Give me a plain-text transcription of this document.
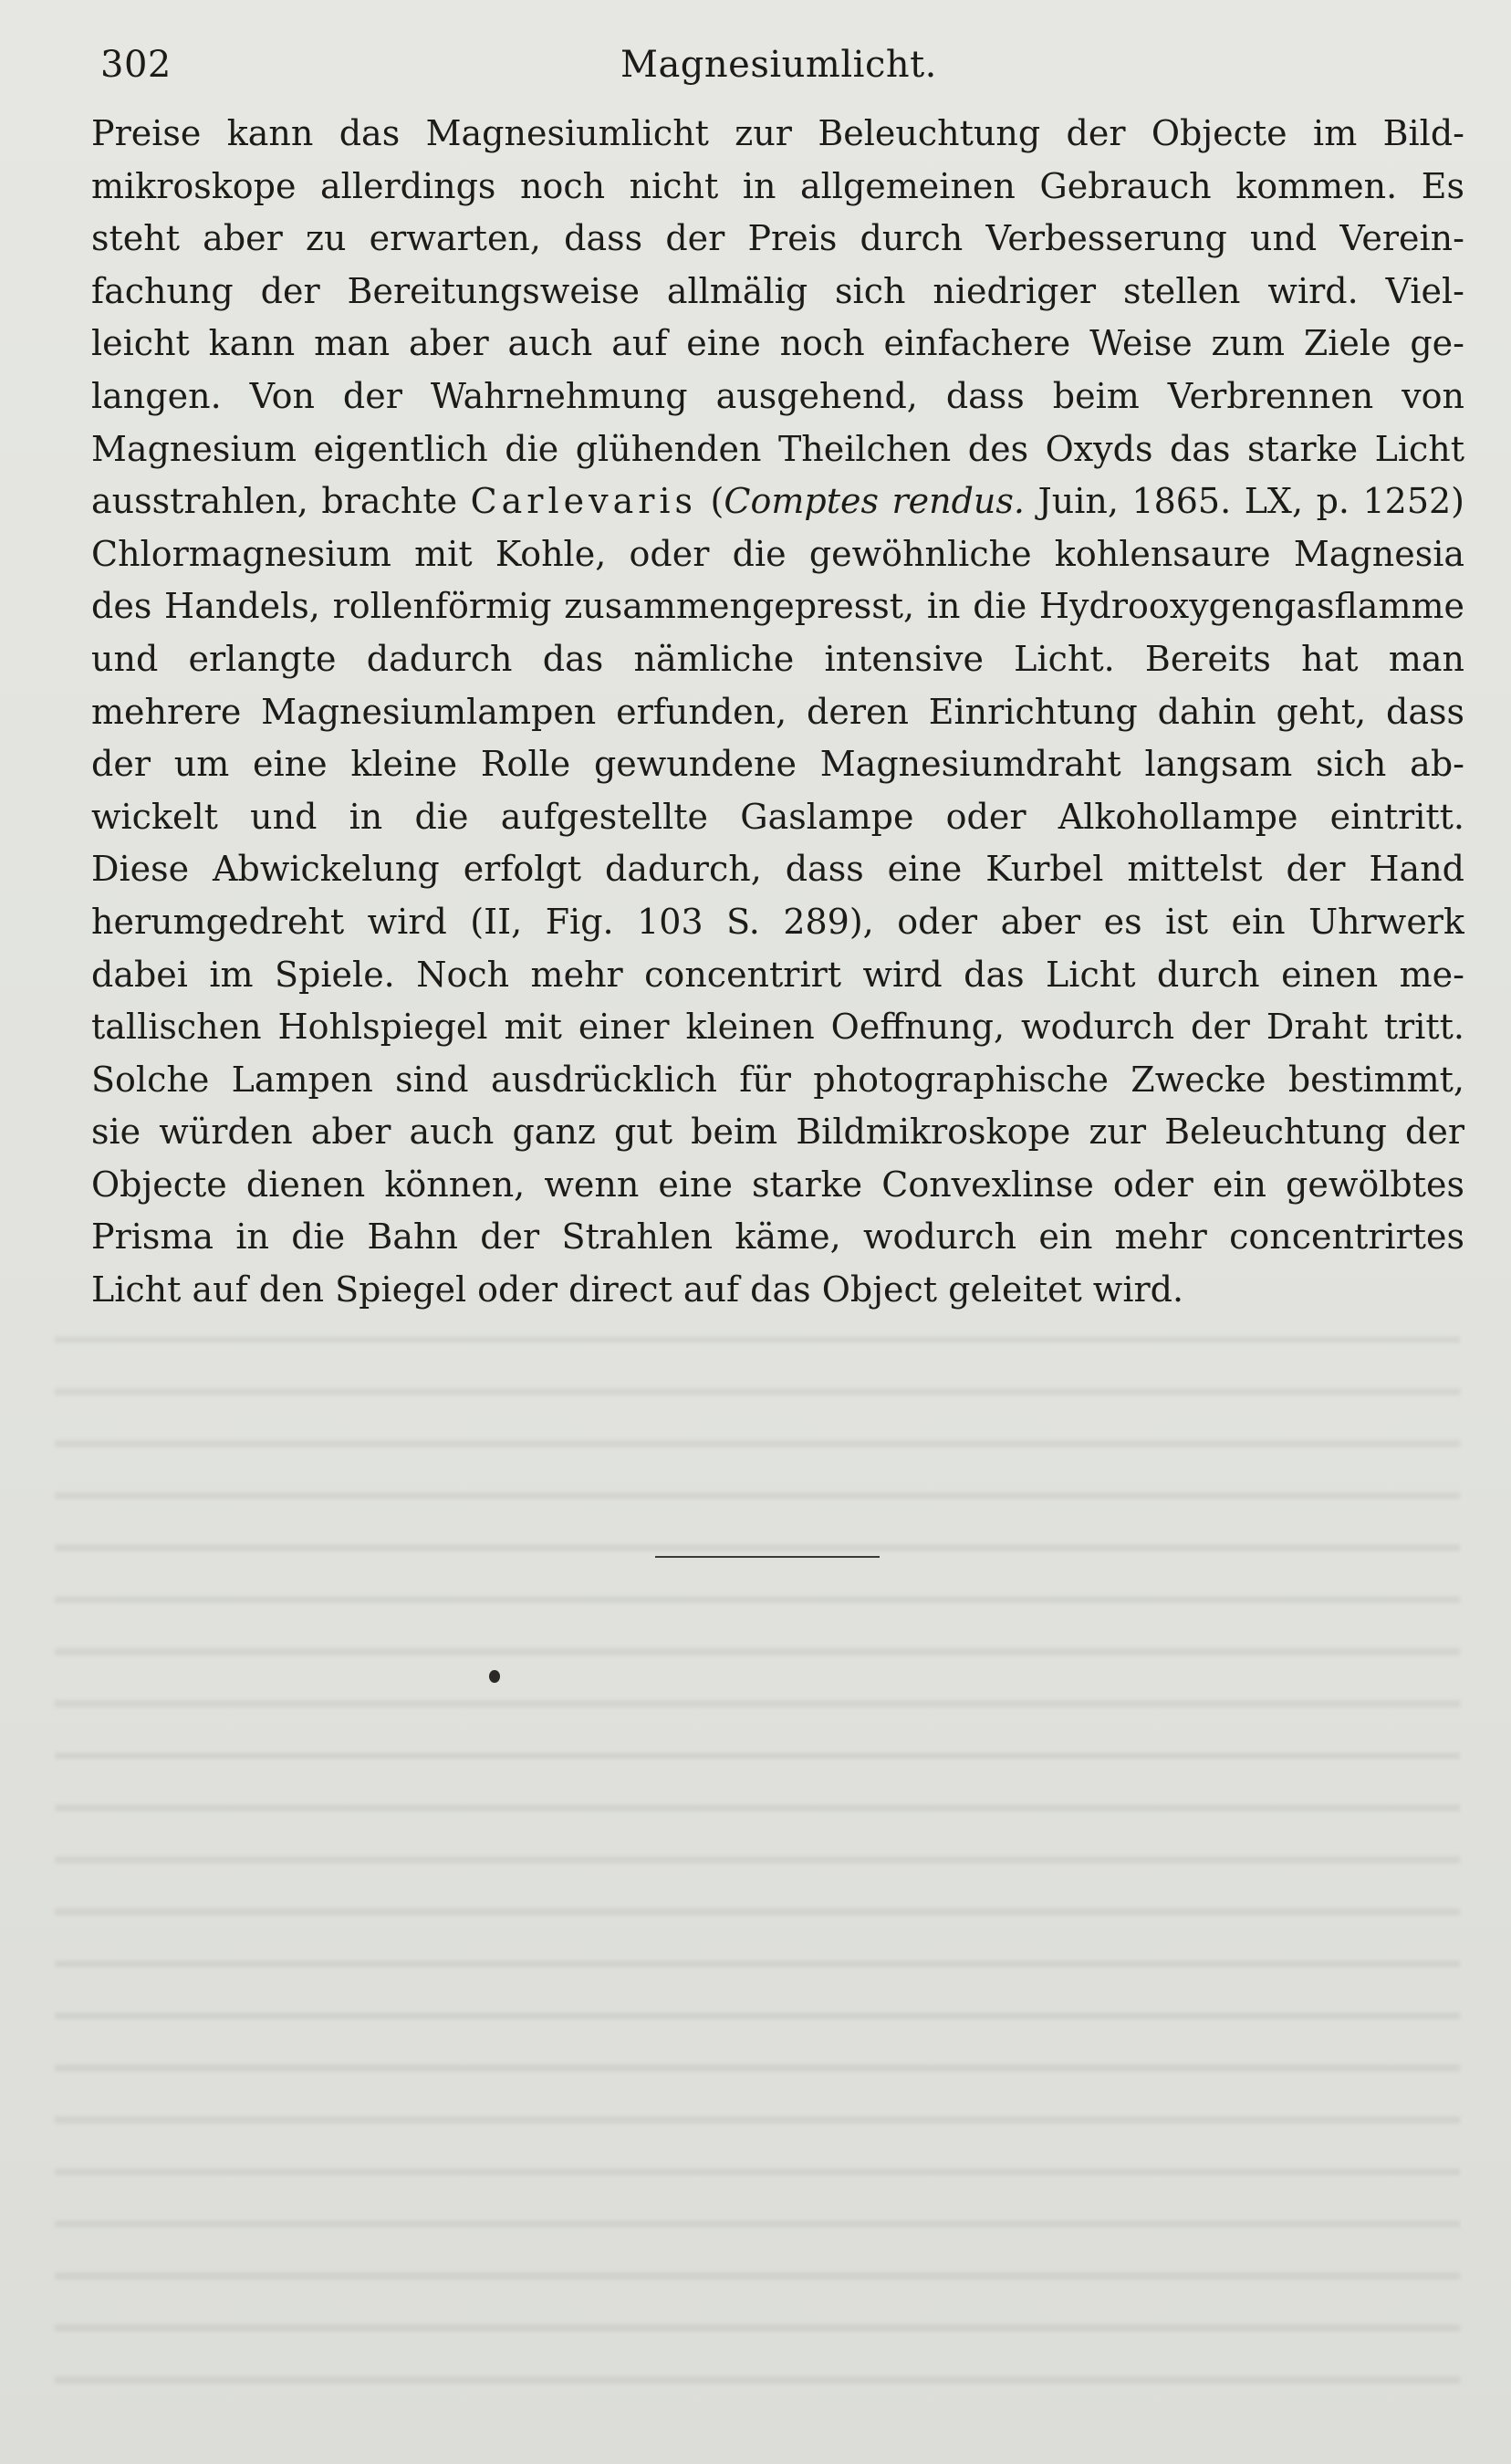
302	Magnesiumlicht.
Preise kann das Magnesiumlicht zur Beleuchtung der Objecte im Bild-
mikroskope allerdings noch nicht in allgemeinen Gebrauch kommen. Es
steht aber zu erwarten, dass der Preis durch Verbesserung und Verein-
fachung der Bereitungsweise allmälig sich niedriger stellen wird. Viel-
leicht kann man aber auch auf eine noch einfachere Weise zum Ziele ge-
langen. Von der Wahrnehmung ausgehend, dass beim Verbrennen von
Magnesium eigentlich die glühenden Theilchen des Oxyds das starke Licht
ausstrahlen, brachte Carlevaris (Comptes rendus. Juin, 1865. LX, p. 1252)
Chlormagnesium mit Kohle, oder die gewöhnliche kohlensaure Magnesia
des Handels, rollenförmig zusammengepresst, in die Hydrooxygengasflamme
und erlangte dadurch das nämliche intensive Licht. Bereits hat man
mehrere Magnesiumlampen erfunden, deren Einrichtung dahin geht, dass
der um eine kleine Rolle gewundene Magnesiumdraht langsam sich ab-
wickelt und in die aufgestellte Gaslampe oder Alkohollampe eintritt.
Diese Abwickelung erfolgt dadurch, dass eine Kurbel mittelst der Hand
herumgedreht wird (II, Fig. 103 S. 289), oder aber es ist ein Uhrwerk
dabei im Spiele. Noch mehr concentrirt wird das Licht durch einen me-
tallischen Hohlspiegel mit einer kleinen Oeffnung, wodurch der Draht tritt.
Solche Lampen sind ausdrücklich für photographische Zwecke bestimmt,
sie würden aber auch ganz gut beim Bildmikroskope zur Beleuchtung der
Objecte dienen können, wenn eine starke Convexlinse oder ein gewölbtes
Prisma in die Bahn der Strahlen käme, wodurch ein mehr concentrirtes
Licht auf den Spiegel oder direct auf das Object geleitet wird.
